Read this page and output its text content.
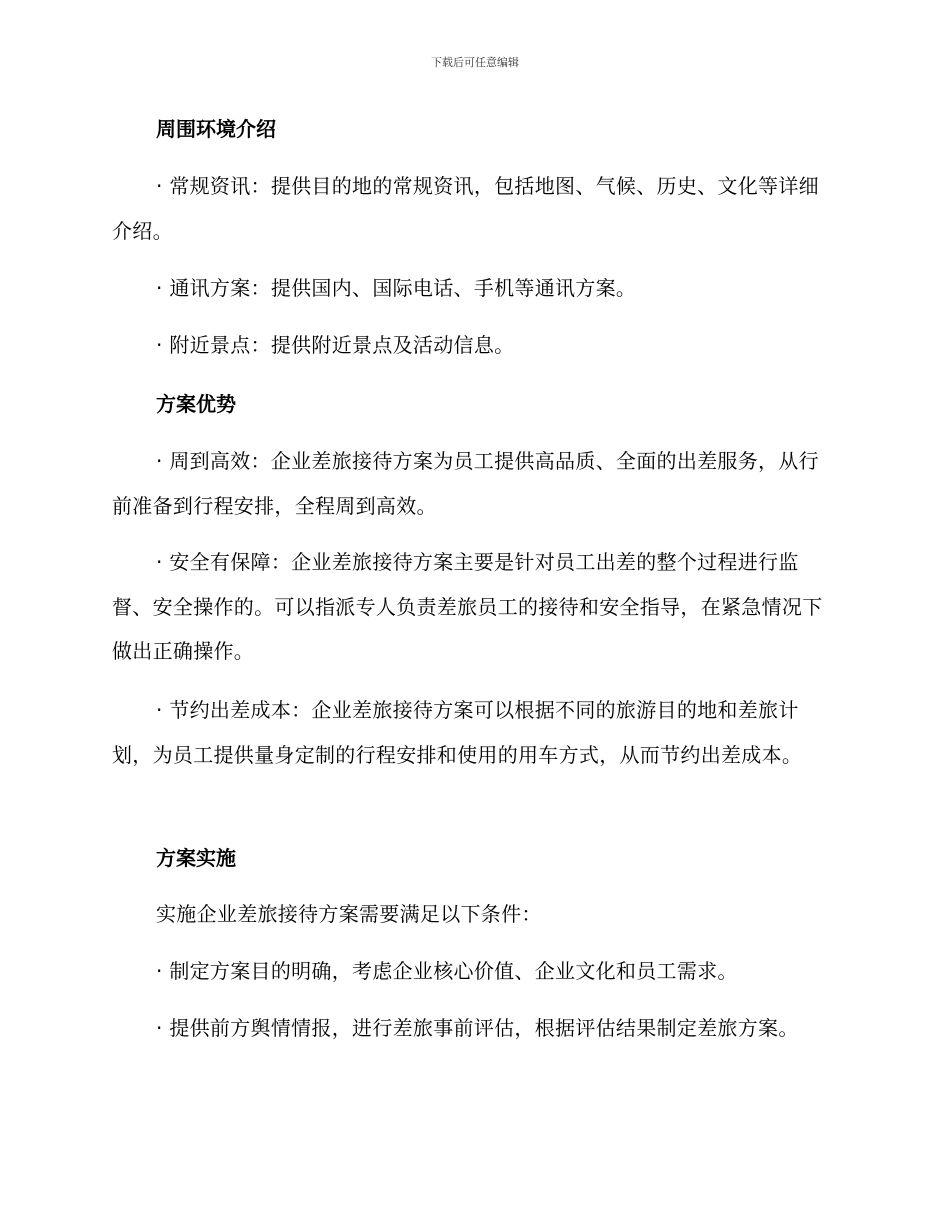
下载后可任意编辑
周围环境介绍
· 常规资讯：提供目的地的常规资讯，包括地图、气候、历史、文化等详细介绍。
· 通讯方案：提供国内、国际电话、手机等通讯方案。
· 附近景点：提供附近景点及活动信息。
方案优势
· 周到高效：企业差旅接待方案为员工提供高品质、全面的出差服务，从行前准备到行程安排，全程周到高效。
· 安全有保障：企业差旅接待方案主要是针对员工出差的整个过程进行监督、安全操作的。可以指派专人负责差旅员工的接待和安全指导，在紧急情况下做出正确操作。
· 节约出差成本：企业差旅接待方案可以根据不同的旅游目的地和差旅计划，为员工提供量身定制的行程安排和使用的用车方式，从而节约出差成本。
方案实施
实施企业差旅接待方案需要满足以下条件：
· 制定方案目的明确，考虑企业核心价值、企业文化和员工需求。
· 提供前方舆情情报，进行差旅事前评估，根据评估结果制定差旅方案。
